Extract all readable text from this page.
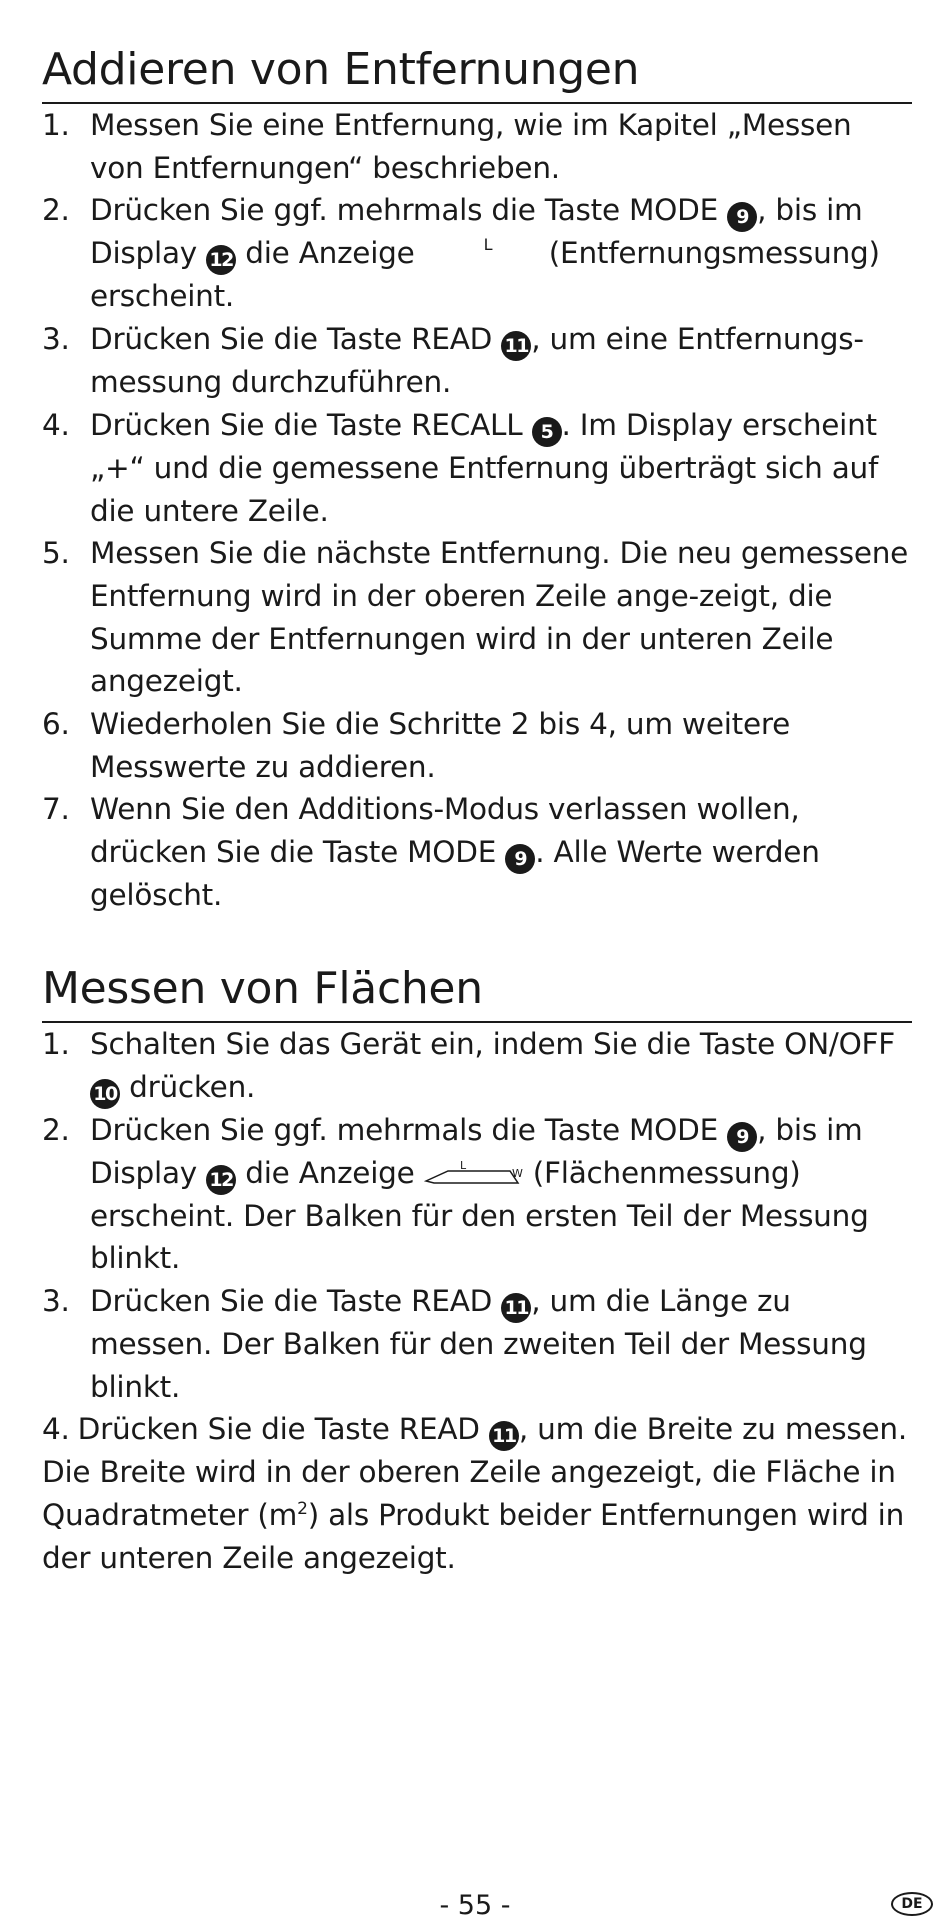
Addieren von Entfernungen
1. Messen Sie eine Entfernung, wie im Kapitel „Messen von Entfernungen“ beschrieben.
2. Drücken Sie ggf. mehrmals die Taste MODE 9 , bis im Display 12 die Anzeige	L (Entfernungsmessung) erscheint.
3. Drücken Sie die Taste READ 11 , um eine Entfernungs-messung durchzuführen.
4. Drücken Sie die Taste RECALL 5 . Im Display erscheint „+“ und die gemessene Entfernung überträgt sich auf die untere Zeile.
5. Messen Sie die nächste Entfernung. Die neu gemessene Entfernung wird in der oberen Zeile ange-zeigt, die Summe der Entfernungen wird in der unteren Zeile angezeigt.
6. Wiederholen Sie die Schritte 2 bis 4, um weitere Messwerte zu addieren.
7. Wenn Sie den Additions-Modus verlassen wollen, drücken Sie die Taste MODE 9 . Alle Werte werden gelöscht.
Messen von Flächen
1. Schalten Sie das Gerät ein, indem Sie die Taste ON/OFF 10 drücken.
2. Drücken Sie ggf. mehrmals die Taste MODE 9 , bis im Display 12 die Anzeige	L
W (Flächenmessung) erscheint. Der Balken für den ersten Teil der Messung blinkt.
3. Drücken Sie die Taste READ 11 , um die Länge zu messen. Der Balken für den zweiten Teil der Messung blinkt.
4. Drücken Sie die Taste READ 11 , um die Breite zu messen. Die Breite wird in der oberen Zeile angezeigt, die Fläche in Quadratmeter $(m^2)$ als Produkt beider Entfernungen wird in der unteren Zeile angezeigt.
- 55 -	DE
